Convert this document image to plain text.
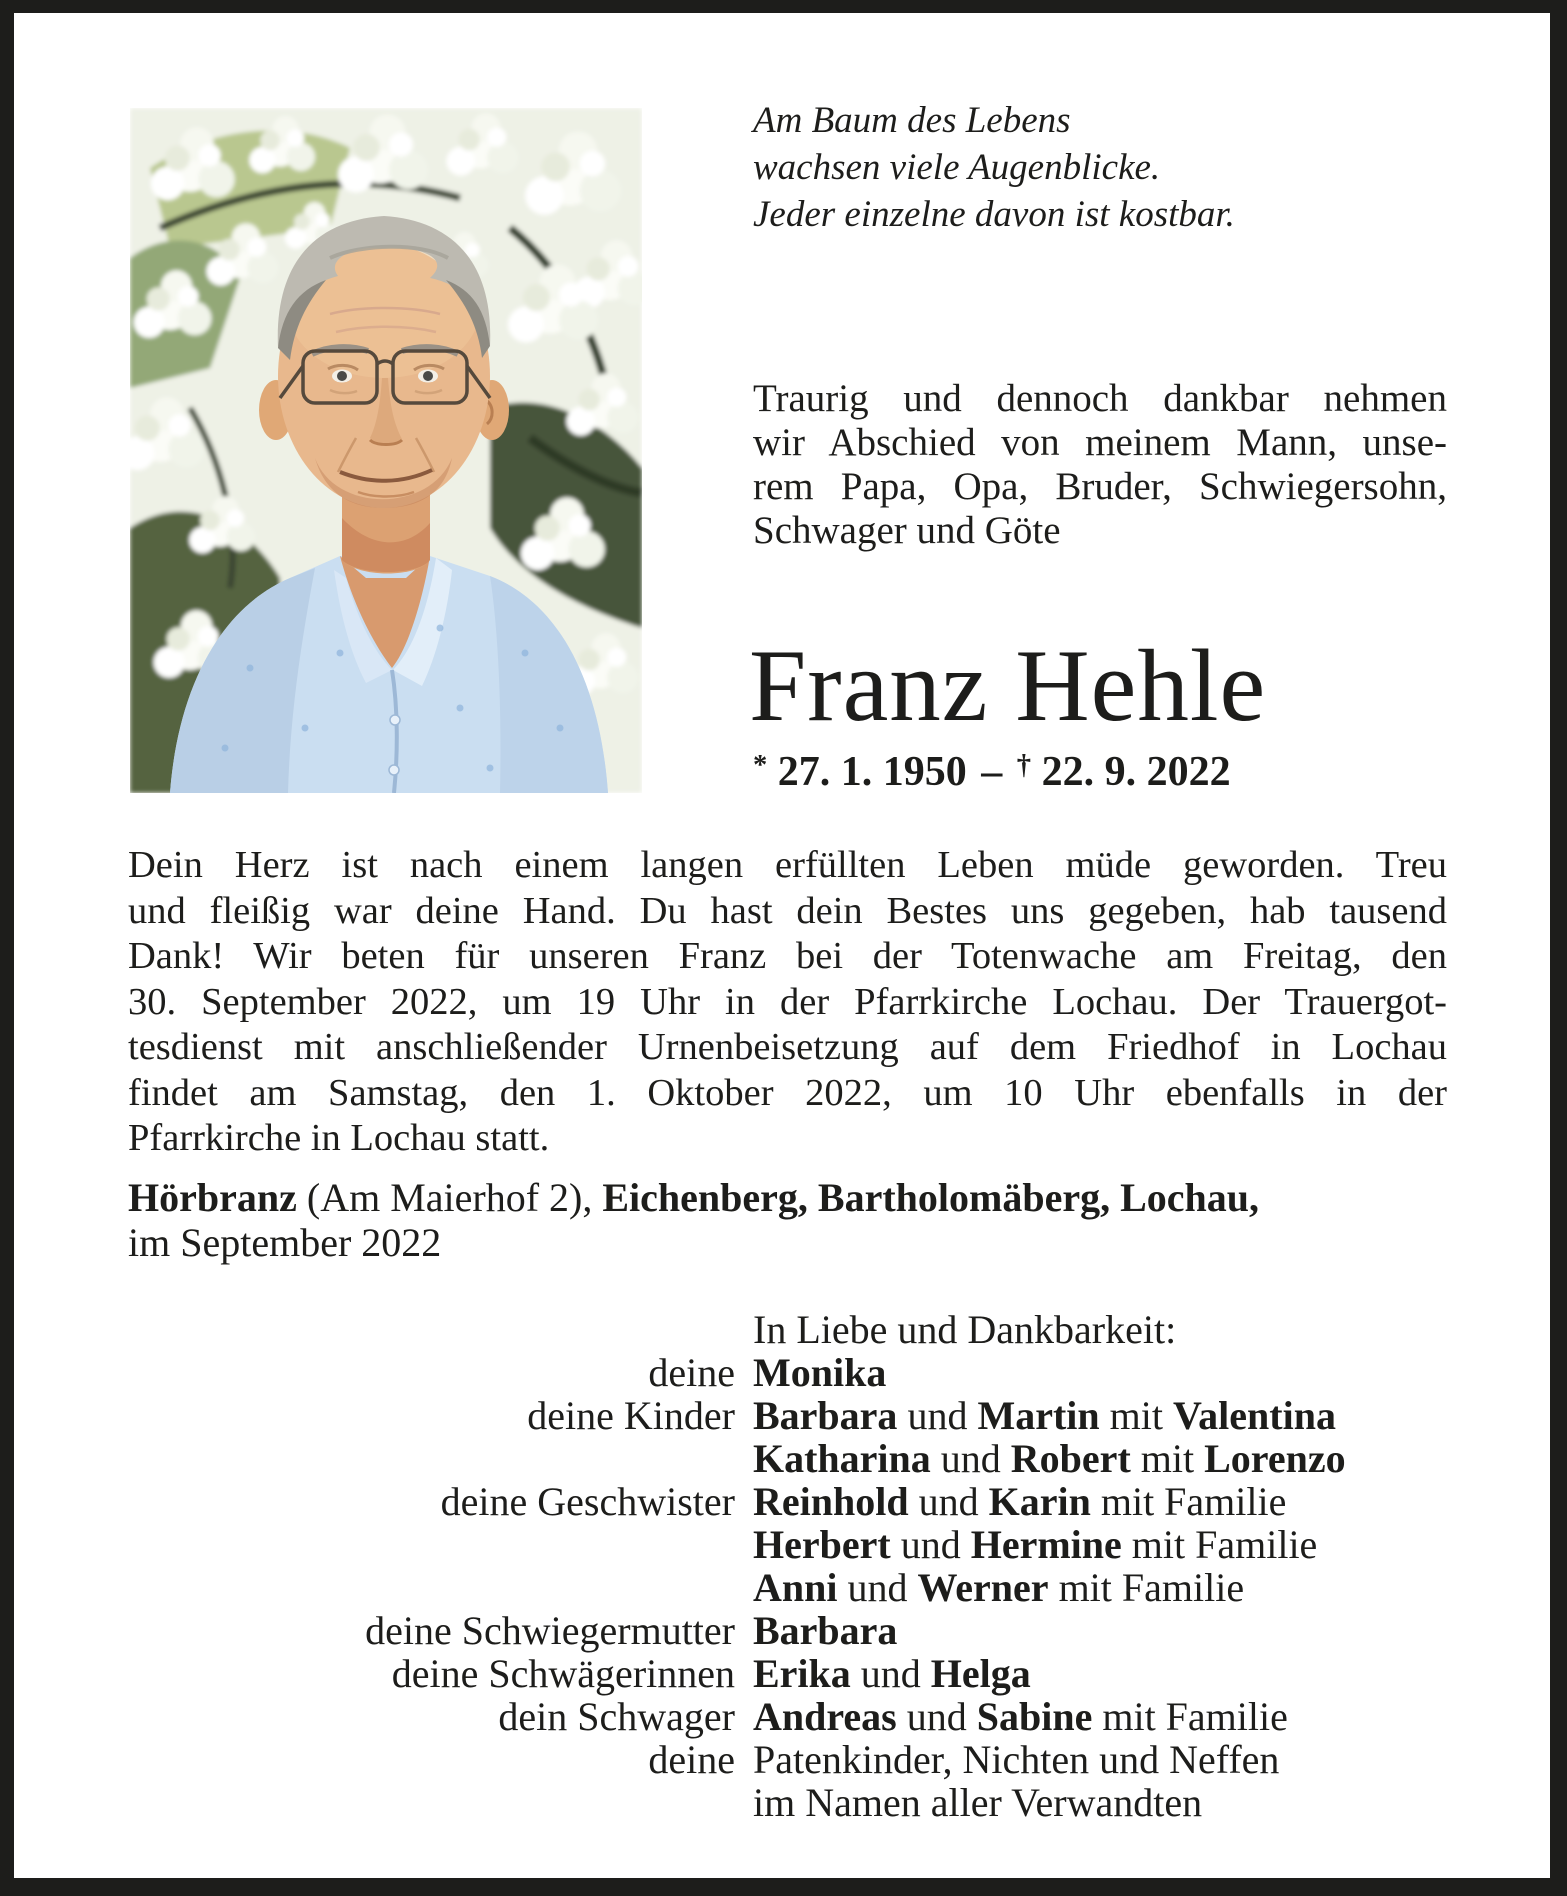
Am Baum des Lebens
wachsen viele Augenblicke.
Jeder einzelne davon ist kostbar.
Traurig und dennoch dankbar nehmen
wir Abschied von meinem Mann, unse-
rem Papa, Opa, Bruder, Schwiegersohn,
Schwager und Göte
Franz Hehle
* 27. 1. 1950 – † 22. 9. 2022
Dein Herz ist nach einem langen erfüllten Leben müde geworden. Treu
und fleißig war deine Hand. Du hast dein Bestes uns gegeben, hab tausend
Dank! Wir beten für unseren Franz bei der Totenwache am Freitag, den
30. September 2022, um 19 Uhr in der Pfarrkirche Lochau. Der Trauergot-
tesdienst mit anschließender Urnenbeisetzung auf dem Friedhof in Lochau
findet am Samstag, den 1. Oktober 2022, um 10 Uhr ebenfalls in der
Pfarrkirche in Lochau statt.
Hörbranz (Am Maierhof 2), Eichenberg, Bartholomäberg, Lochau,
im September 2022
In Liebe und Dankbarkeit:
deine Monika
deine Kinder Barbara und Martin mit Valentina
Katharina und Robert mit Lorenzo
deine Geschwister Reinhold und Karin mit Familie
Herbert und Hermine mit Familie
Anni und Werner mit Familie
deine Schwiegermutter Barbara
deine Schwägerinnen Erika und Helga
dein Schwager Andreas und Sabine mit Familie
deine Patenkinder, Nichten und Neffen
im Namen aller Verwandten
